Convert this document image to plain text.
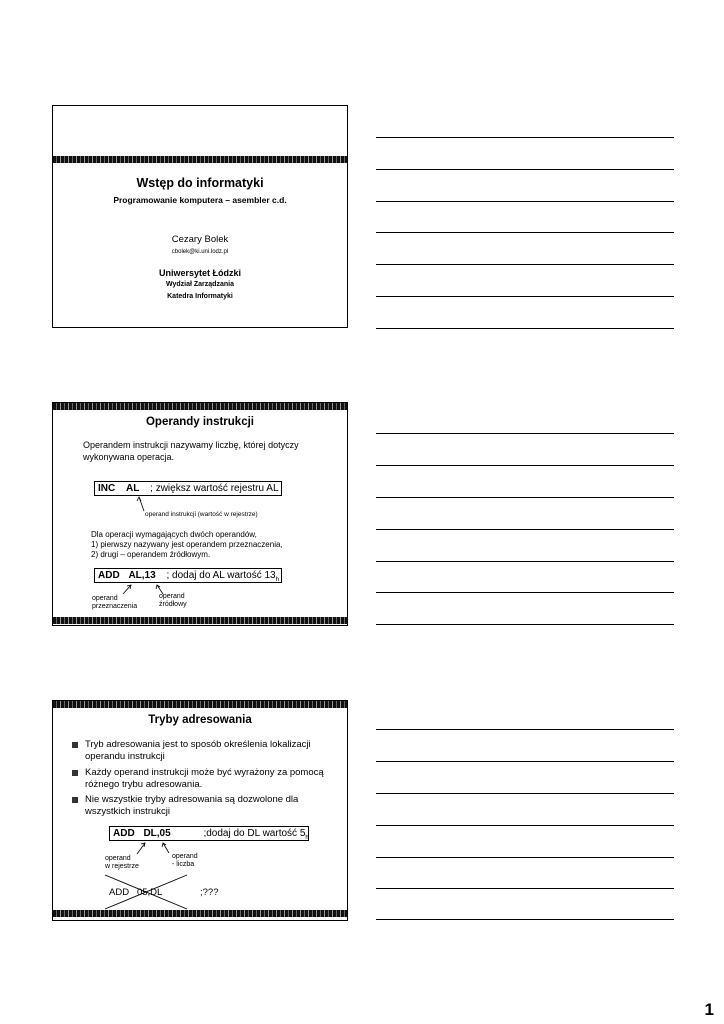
Wstęp do informatyki
Programowanie komputera – asembler c.d.
Cezary Bolek
cbolek@ki.uni.lodz.pl
Uniwersytet Łódzki
Wydział Zarządzania
Katedra Informatyki
Operandy instrukcji
Operandem instrukcji nazywamy liczbę, której dotyczy
wykonywana operacja.
INC AL ; zwiększ wartość rejestru AL
operand instrukcji (wartość w rejestrze)
Dla operacji wymagających dwóch operandów,
1) pierwszy nazywany jest operandem przeznaczenia,
2) drugi – operandem źródłowym.
ADD AL,13 ; dodaj do AL wartość $13_h$
operand
przeznaczenia
operand
źródłowy
Tryby adresowania
Tryb adresowania jest to sposób określenia lokalizacji
operandu instrukcji
Każdy operand instrukcji może być wyrażony za pomocą
różnego trybu adresowania.
Nie wszystkie tryby adresowania są dozwolone dla
wszystkich instrukcji
ADD DL,05	;dodaj do DL wartość $5_h$
operand
w rejestrze
operand
- liczba
ADD   05,DL	;???
1
